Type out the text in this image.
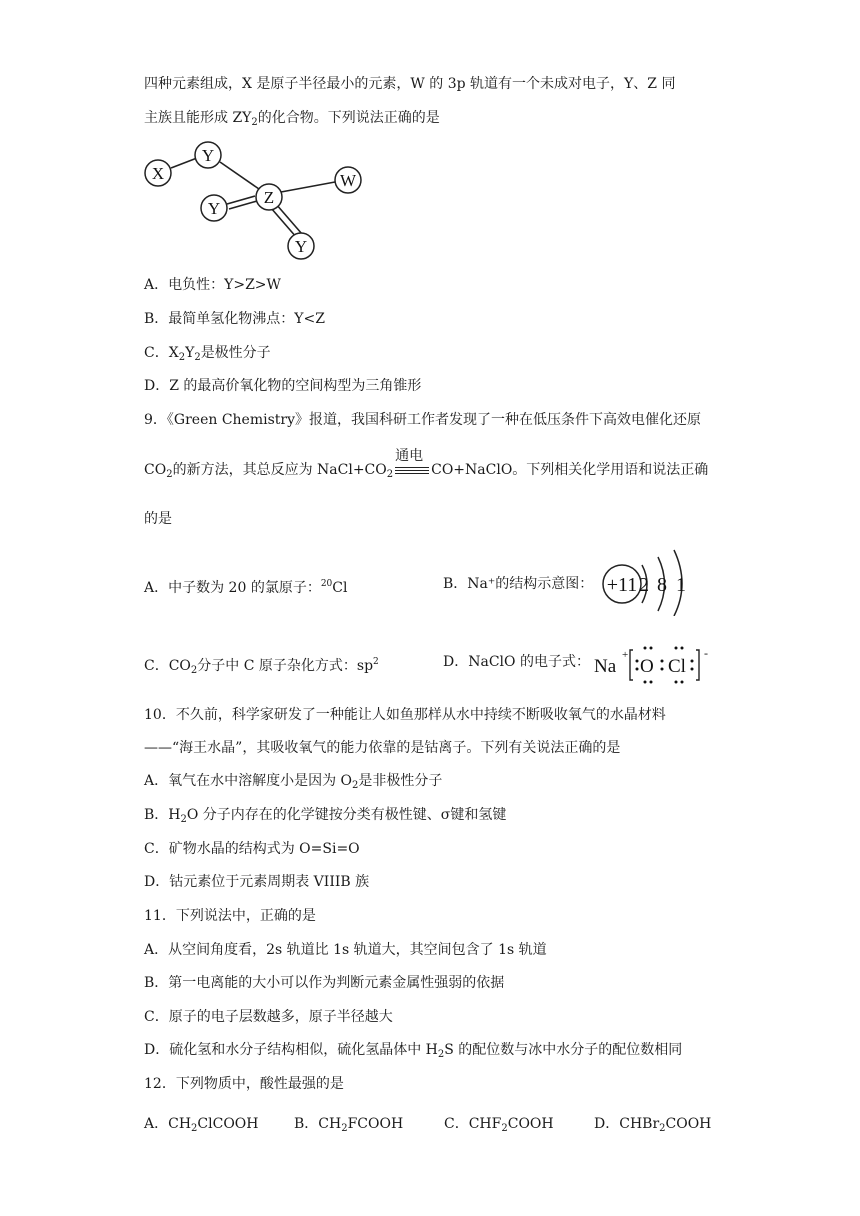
四种元素组成，X 是原子半径最小的元素，W 的 3p 轨道有一个未成对电子，Y、Z 同
主族且能形成 $ZY_2$的化合物。下列说法正确的是
X
Y
Z
W
Y
Y
A．电负性：Y>Z>W
B．最简单氢化物沸点：Y<Z
C．$X_2Y_2$是极性分子
D．Z 的最高价氧化物的空间构型为三角锥形
9．《Green Chemistry》报道，我国科研工作者发现了一种在低压条件下高效电催化还原
$CO_2$的新方法，其总反应为 $NaCl+CO_2$
通电
CO+NaClO。下列相关化学用语和说法正确
的是
A．中子数为 20 的氯原子：$^{20}$Cl	B．Na⁺的结构示意图： +11 2 8 1
C．$CO_2$分子中 C 原子杂化方式：$sp^2$	D．NaClO 的电子式： Na
+
O Cl
-
10．不久前，科学家研发了一种能让人如鱼那样从水中持续不断吸收氧气的水晶材料
——“海王水晶”，其吸收氧气的能力依靠的是钴离子。下列有关说法正确的是
A．氧气在水中溶解度小是因为 $O_2$是非极性分子
B．$H_2O$ 分子内存在的化学键按分类有极性键、σ键和氢键
C．矿物水晶的结构式为 O=Si=O
D．钴元素位于元素周期表 VIIIB 族
11．下列说法中，正确的是
A．从空间角度看，2s 轨道比 1s 轨道大，其空间包含了 1s 轨道
B．第一电离能的大小可以作为判断元素金属性强弱的依据
C．原子的电子层数越多，原子半径越大
D．硫化氢和水分子结构相似，硫化氢晶体中 $H_2S$ 的配位数与冰中水分子的配位数相同
12．下列物质中，酸性最强的是
A．$CH_2ClCOOH$	B．$CH_2FCOOH$	C．$CHF_2COOH$	D．CHBr$_2$COOH
